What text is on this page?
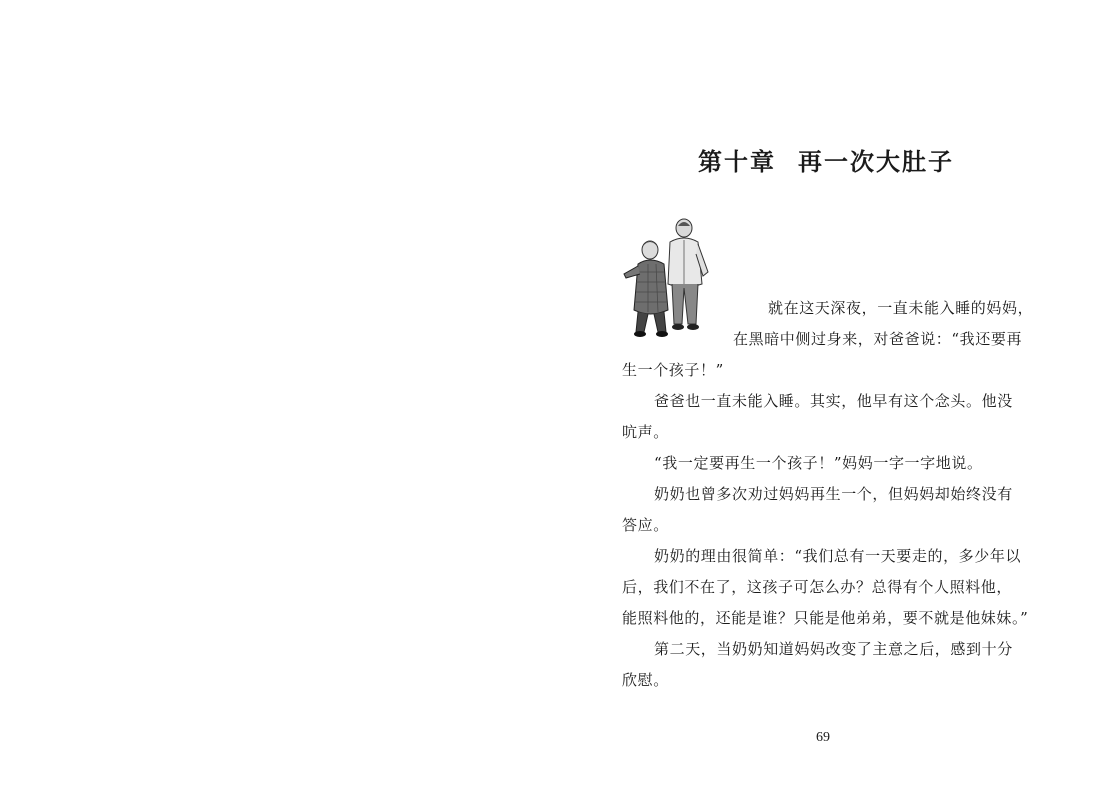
第十章 再一次大肚子
就在这天深夜，一直未能入睡的妈妈，
在黑暗中侧过身来，对爸爸说：“我还要再
生一个孩子！”
爸爸也一直未能入睡。其实，他早有这个念头。他没
吭声。
“我一定要再生一个孩子！”妈妈一字一字地说。
奶奶也曾多次劝过妈妈再生一个，但妈妈却始终没有
答应。
奶奶的理由很简单：“我们总有一天要走的，多少年以
后，我们不在了，这孩子可怎么办？总得有个人照料他，
能照料他的，还能是谁？只能是他弟弟，要不就是他妹妹。”
第二天，当奶奶知道妈妈改变了主意之后，感到十分
欣慰。
69
